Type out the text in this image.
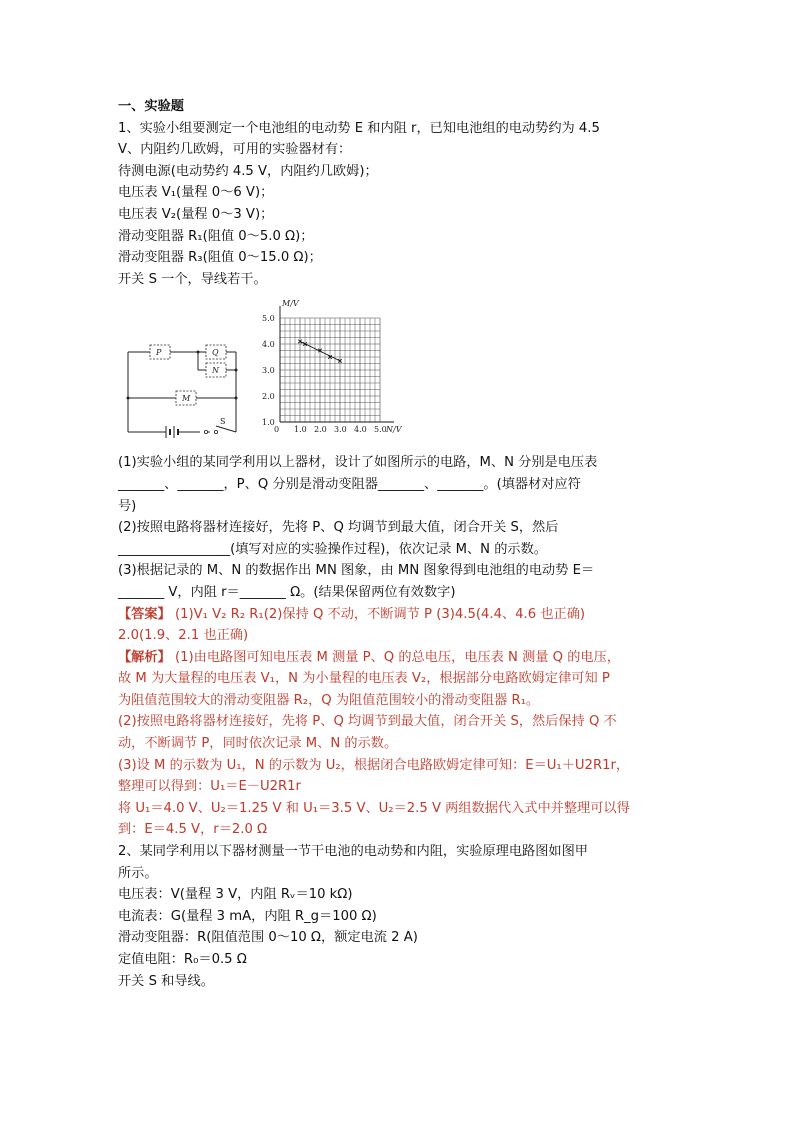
一、实验题
1、实验小组要测定一个电池组的电动势 E 和内阻 r，已知电池组的电动势约为 4.5
V、内阻约几欧姆，可用的实验器材有：
待测电源(电动势约 4.5 V，内阻约几欧姆)；
电压表 V₁(量程 0～6 V)；
电压表 V₂(量程 0～3 V)；
滑动变阻器 R₁(阻值 0～5.0 Ω)；
滑动变阻器 R₃(阻值 0～15.0 Ω)；
开关 S 一个，导线若干。
P	Q
N
M
S
M/V
N/V
0 1.0 2.0 3.0 4.0 5.0
1.0
2.0
3.0
4.0
5.0
(1)实验小组的某同学利用以上器材，设计了如图所示的电路，M、N 分别是电压表
_______、_______，P、Q 分别是滑动变阻器_______、_______。(填器材对应符
号)
(2)按照电路将器材连接好，先将 P、Q 均调节到最大值，闭合开关 S，然后
_________________(填写对应的实验操作过程)，依次记录 M、N 的示数。
(3)根据记录的 M、N 的数据作出 MN 图象，由 MN 图象得到电池组的电动势 E＝
_______ V，内阻 r＝_______ Ω。(结果保留两位有效数字)
【答案】 (1)V₁ V₂ R₂ R₁(2)保持 Q 不动，不断调节 P (3)4.5(4.4、4.6 也正确)
2.0(1.9、2.1 也正确)
【解析】 (1)由电路图可知电压表 M 测量 P、Q 的总电压，电压表 N 测量 Q 的电压，
故 M 为大量程的电压表 V₁，N 为小量程的电压表 V₂，根据部分电路欧姆定律可知 P
为阻值范围较大的滑动变阻器 R₂，Q 为阻值范围较小的滑动变阻器 R₁。
(2)按照电路将器材连接好，先将 P、Q 均调节到最大值，闭合开关 S，然后保持 Q 不
动，不断调节 P，同时依次记录 M、N 的示数。
(3)设 M 的示数为 U₁，N 的示数为 U₂，根据闭合电路欧姆定律可知：E＝U₁＋U2R1r，
整理可以得到：U₁＝E－U2R1r
将 U₁＝4.0 V、U₂＝1.25 V 和 U₁＝3.5 V、U₂＝2.5 V 两组数据代入式中并整理可以得
到：E＝4.5 V，r＝2.0 Ω
2、某同学利用以下器材测量一节干电池的电动势和内阻，实验原理电路图如图甲
所示。
电压表：V(量程 3 V，内阻 Rᵥ＝10 kΩ)
电流表：G(量程 3 mA，内阻 R_g＝100 Ω)
滑动变阻器：R(阻值范围 0～10 Ω，额定电流 2 A)
定值电阻：R₀＝0.5 Ω
开关 S 和导线。
